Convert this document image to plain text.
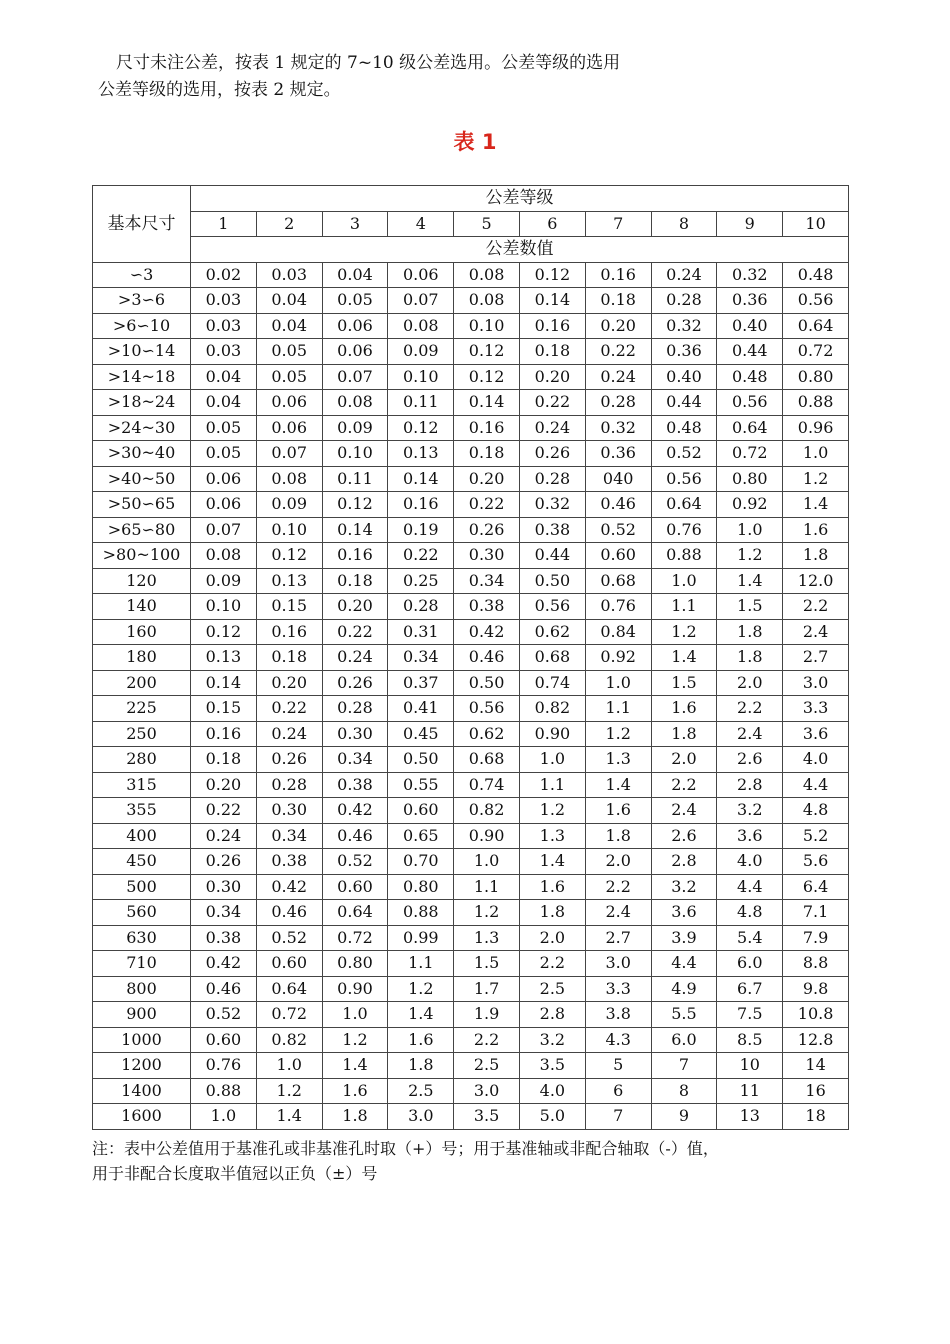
尺寸未注公差，按表 1 规定的 7~10 级公差选用。公差等级的选用
公差等级的选用，按表 2 规定。
表 1
基本尺寸	公差等级									
	1	2	3	4	5	6	7	8	9	10
	公差数值									
∽3	0.02	0.03	0.04	0.06	0.08	0.12	0.16	0.24	0.32	0.48
>3∽6	0.03	0.04	0.05	0.07	0.08	0.14	0.18	0.28	0.36	0.56
>6∽10	0.03	0.04	0.06	0.08	0.10	0.16	0.20	0.32	0.40	0.64
>10∽14	0.03	0.05	0.06	0.09	0.12	0.18	0.22	0.36	0.44	0.72
>14~18	0.04	0.05	0.07	0.10	0.12	0.20	0.24	0.40	0.48	0.80
>18~24	0.04	0.06	0.08	0.11	0.14	0.22	0.28	0.44	0.56	0.88
>24~30	0.05	0.06	0.09	0.12	0.16	0.24	0.32	0.48	0.64	0.96
>30~40	0.05	0.07	0.10	0.13	0.18	0.26	0.36	0.52	0.72	1.0
>40~50	0.06	0.08	0.11	0.14	0.20	0.28	040	0.56	0.80	1.2
>50∽65	0.06	0.09	0.12	0.16	0.22	0.32	0.46	0.64	0.92	1.4
>65∽80	0.07	0.10	0.14	0.19	0.26	0.38	0.52	0.76	1.0	1.6
>80~100	0.08	0.12	0.16	0.22	0.30	0.44	0.60	0.88	1.2	1.8
120	0.09	0.13	0.18	0.25	0.34	0.50	0.68	1.0	1.4	12.0
140	0.10	0.15	0.20	0.28	0.38	0.56	0.76	1.1	1.5	2.2
160	0.12	0.16	0.22	0.31	0.42	0.62	0.84	1.2	1.8	2.4
180	0.13	0.18	0.24	0.34	0.46	0.68	0.92	1.4	1.8	2.7
200	0.14	0.20	0.26	0.37	0.50	0.74	1.0	1.5	2.0	3.0
225	0.15	0.22	0.28	0.41	0.56	0.82	1.1	1.6	2.2	3.3
250	0.16	0.24	0.30	0.45	0.62	0.90	1.2	1.8	2.4	3.6
280	0.18	0.26	0.34	0.50	0.68	1.0	1.3	2.0	2.6	4.0
315	0.20	0.28	0.38	0.55	0.74	1.1	1.4	2.2	2.8	4.4
355	0.22	0.30	0.42	0.60	0.82	1.2	1.6	2.4	3.2	4.8
400	0.24	0.34	0.46	0.65	0.90	1.3	1.8	2.6	3.6	5.2
450	0.26	0.38	0.52	0.70	1.0	1.4	2.0	2.8	4.0	5.6
500	0.30	0.42	0.60	0.80	1.1	1.6	2.2	3.2	4.4	6.4
560	0.34	0.46	0.64	0.88	1.2	1.8	2.4	3.6	4.8	7.1
630	0.38	0.52	0.72	0.99	1.3	2.0	2.7	3.9	5.4	7.9
710	0.42	0.60	0.80	1.1	1.5	2.2	3.0	4.4	6.0	8.8
800	0.46	0.64	0.90	1.2	1.7	2.5	3.3	4.9	6.7	9.8
900	0.52	0.72	1.0	1.4	1.9	2.8	3.8	5.5	7.5	10.8
1000	0.60	0.82	1.2	1.6	2.2	3.2	4.3	6.0	8.5	12.8
1200	0.76	1.0	1.4	1.8	2.5	3.5	5	7	10	14
1400	0.88	1.2	1.6	2.5	3.0	4.0	6	8	11	16
1600	1.0	1.4	1.8	3.0	3.5	5.0	7	9	13	18
注：表中公差值用于基准孔或非基准孔时取（+）号；用于基准轴或非配合轴取（-）值，
用于非配合长度取半值冠以正负（±）号
